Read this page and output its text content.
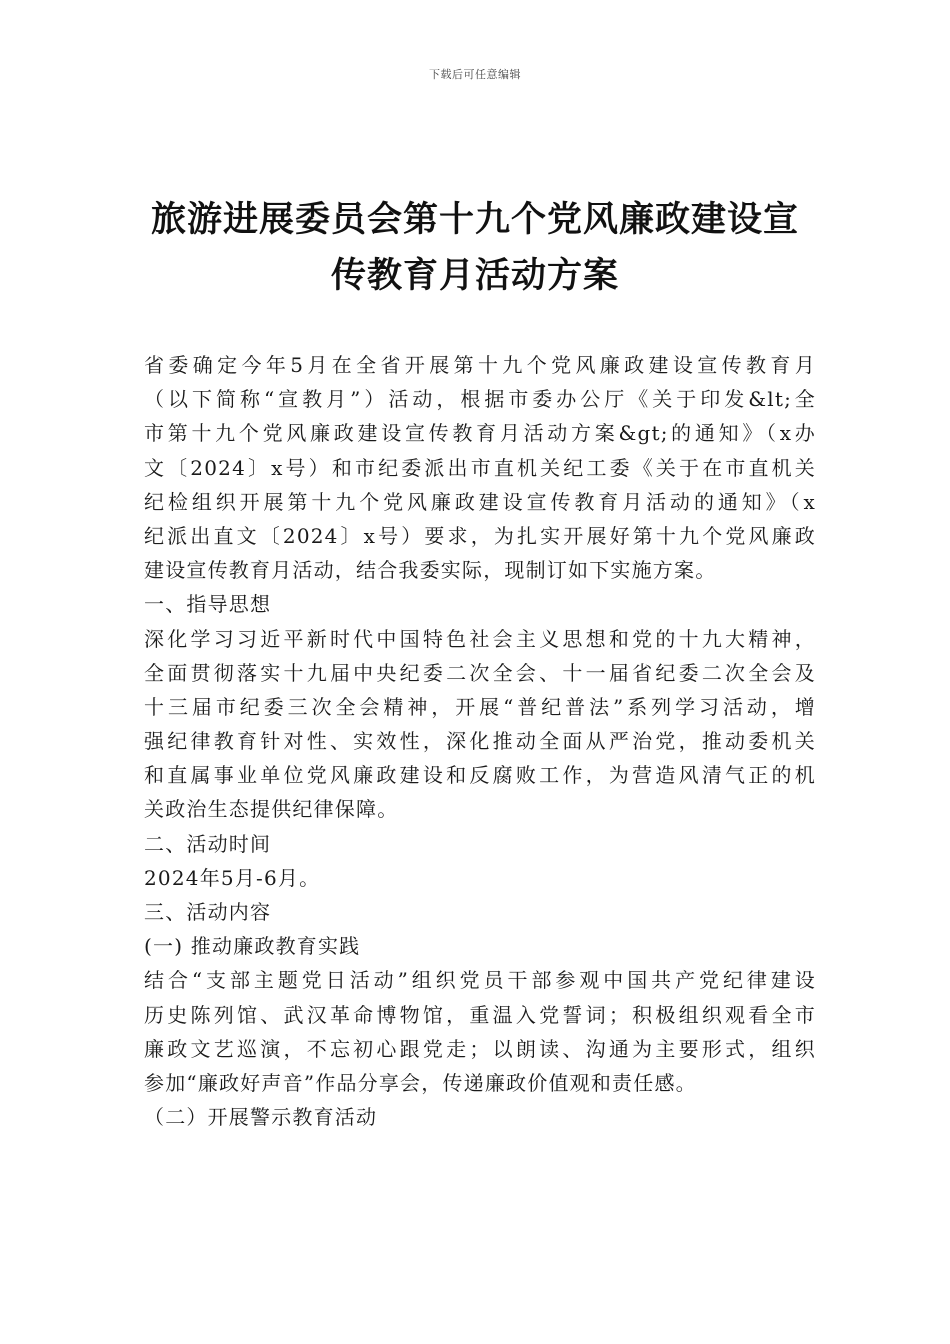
下载后可任意编辑
旅游进展委员会第十九个党风廉政建设宣
传教育月活动方案
省委确定今年5月在全省开展第十九个党风廉政建设宣传教育月
（以下简称“宣教月”）活动，根据市委办公厅《关于印发&lt;全
市第十九个党风廉政建设宣传教育月活动方案&gt;的通知》（x办
文〔2024〕x号）和市纪委派出市直机关纪工委《关于在市直机关
纪检组织开展第十九个党风廉政建设宣传教育月活动的通知》（x
纪派出直文〔2024〕x号）要求，为扎实开展好第十九个党风廉政
建设宣传教育月活动，结合我委实际，现制订如下实施方案。
一、指导思想
深化学习习近平新时代中国特色社会主义思想和党的十九大精神，
全面贯彻落实十九届中央纪委二次全会、十一届省纪委二次全会及
十三届市纪委三次全会精神，开展“普纪普法”系列学习活动，增
强纪律教育针对性、实效性，深化推动全面从严治党，推动委机关
和直属事业单位党风廉政建设和反腐败工作，为营造风清气正的机
关政治生态提供纪律保障。
二、活动时间
2024年5月-6月。
三、活动内容
(一) 推动廉政教育实践
结合“支部主题党日活动”组织党员干部参观中国共产党纪律建设
历史陈列馆、武汉革命博物馆，重温入党誓词；积极组织观看全市
廉政文艺巡演，不忘初心跟党走；以朗读、沟通为主要形式，组织
参加“廉政好声音”作品分享会，传递廉政价值观和责任感。
（二）开展警示教育活动
